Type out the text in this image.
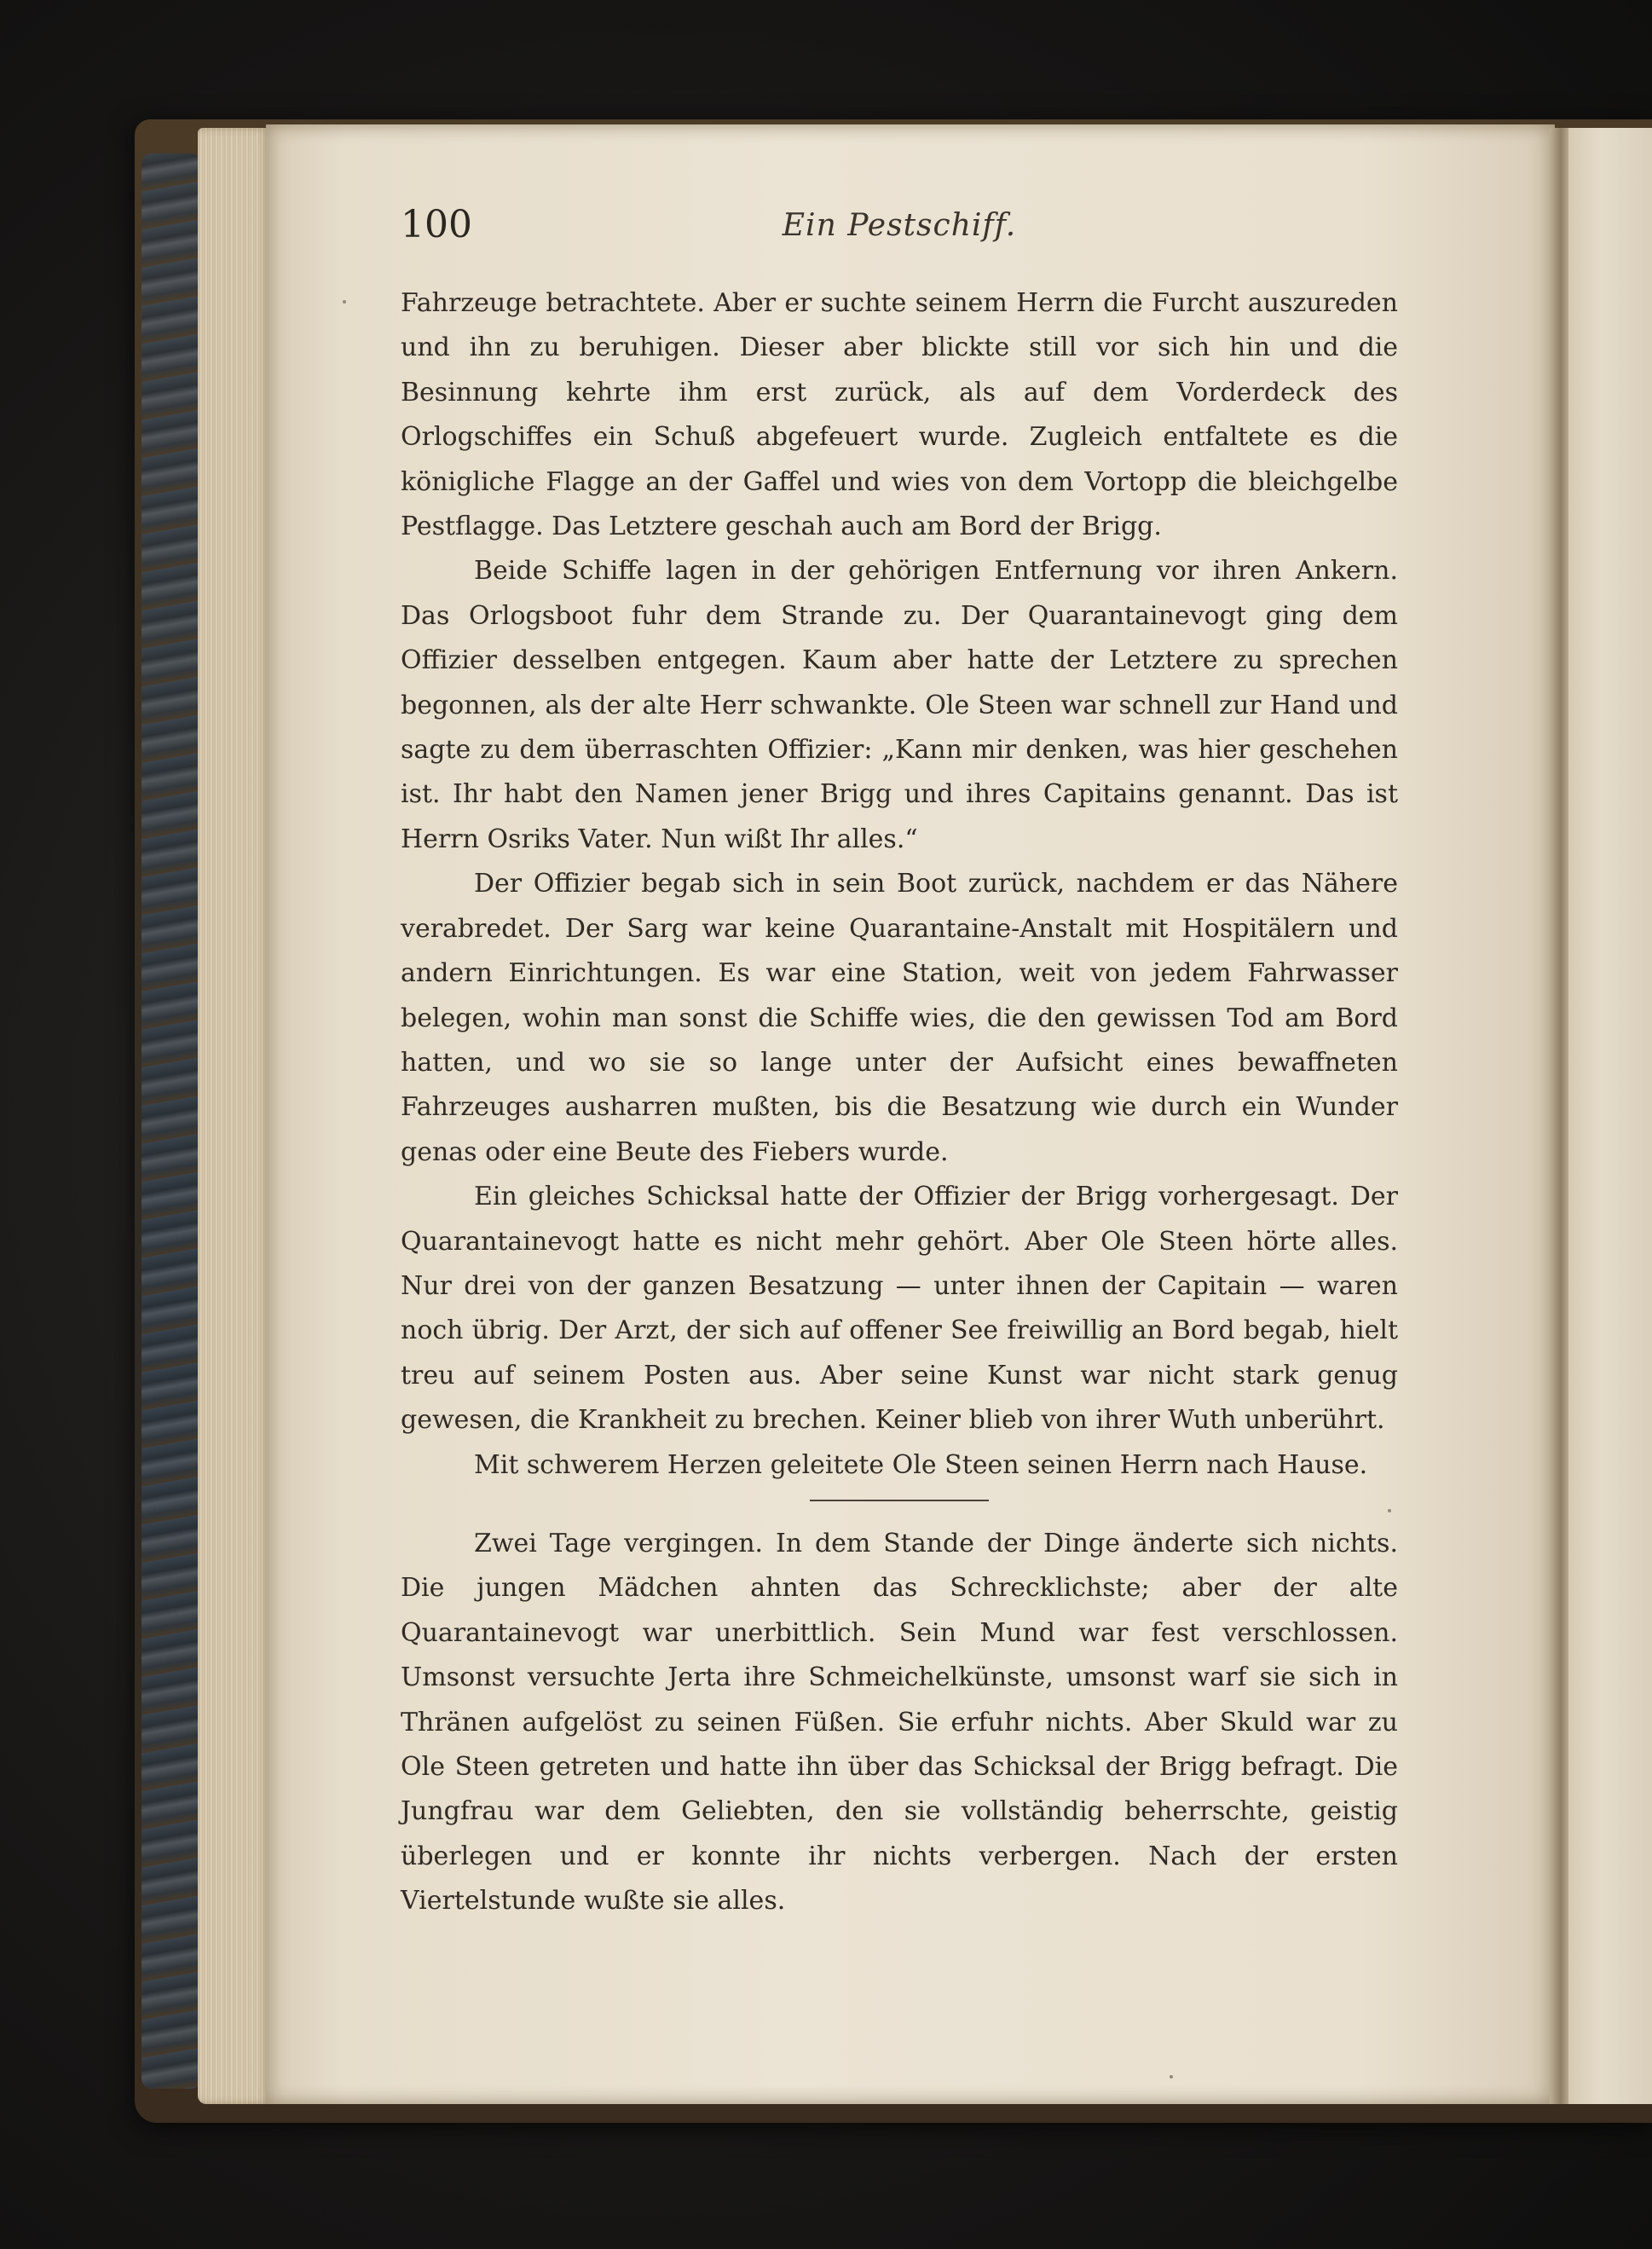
100	Ein Pestschiff.

Fahrzeuge betrachtete. Aber er suchte seinem Herrn die Furcht auszureden und ihn zu beruhigen. Dieser aber blickte still vor sich hin und die Besinnung kehrte ihm erst zurück, als auf dem Vorderdeck des Orlogschiffes ein Schuß abgefeuert wurde. Zugleich entfaltete es die königliche Flagge an der Gaffel und wies von dem Vortopp die bleichgelbe Pestflagge. Das Letztere geschah auch am Bord der Brigg.

Beide Schiffe lagen in der gehörigen Entfernung vor ihren Ankern. Das Orlogsboot fuhr dem Strande zu. Der Quarantainevogt ging dem Offizier desselben entgegen. Kaum aber hatte der Letztere zu sprechen begonnen, als der alte Herr schwankte. Ole Steen war schnell zur Hand und sagte zu dem überraschten Offizier: „Kann mir denken, was hier geschehen ist. Ihr habt den Namen jener Brigg und ihres Capitains genannt. Das ist Herrn Osriks Vater. Nun wißt Ihr alles.“

Der Offizier begab sich in sein Boot zurück, nachdem er das Nähere verabredet. Der Sarg war keine Quarantaine-Anstalt mit Hospitälern und andern Einrichtungen. Es war eine Station, weit von jedem Fahrwasser belegen, wohin man sonst die Schiffe wies, die den gewissen Tod am Bord hatten, und wo sie so lange unter der Aufsicht eines bewaffneten Fahrzeuges ausharren mußten, bis die Besatzung wie durch ein Wunder genas oder eine Beute des Fiebers wurde.

Ein gleiches Schicksal hatte der Offizier der Brigg vorhergesagt. Der Quarantainevogt hatte es nicht mehr gehört. Aber Ole Steen hörte alles. Nur drei von der ganzen Besatzung — unter ihnen der Capitain — waren noch übrig. Der Arzt, der sich auf offener See freiwillig an Bord begab, hielt treu auf seinem Posten aus. Aber seine Kunst war nicht stark genug gewesen, die Krankheit zu brechen. Keiner blieb von ihrer Wuth unberührt.

Mit schwerem Herzen geleitete Ole Steen seinen Herrn nach Hause.

Zwei Tage vergingen. In dem Stande der Dinge änderte sich nichts. Die jungen Mädchen ahnten das Schrecklichste; aber der alte Quarantainevogt war unerbittlich. Sein Mund war fest verschlossen. Umsonst versuchte Jerta ihre Schmeichelkünste, umsonst warf sie sich in Thränen aufgelöst zu seinen Füßen. Sie erfuhr nichts. Aber Skuld war zu Ole Steen getreten und hatte ihn über das Schicksal der Brigg befragt. Die Jungfrau war dem Geliebten, den sie vollständig beherrschte, geistig überlegen und er konnte ihr nichts verbergen. Nach der ersten Viertelstunde wußte sie alles.
